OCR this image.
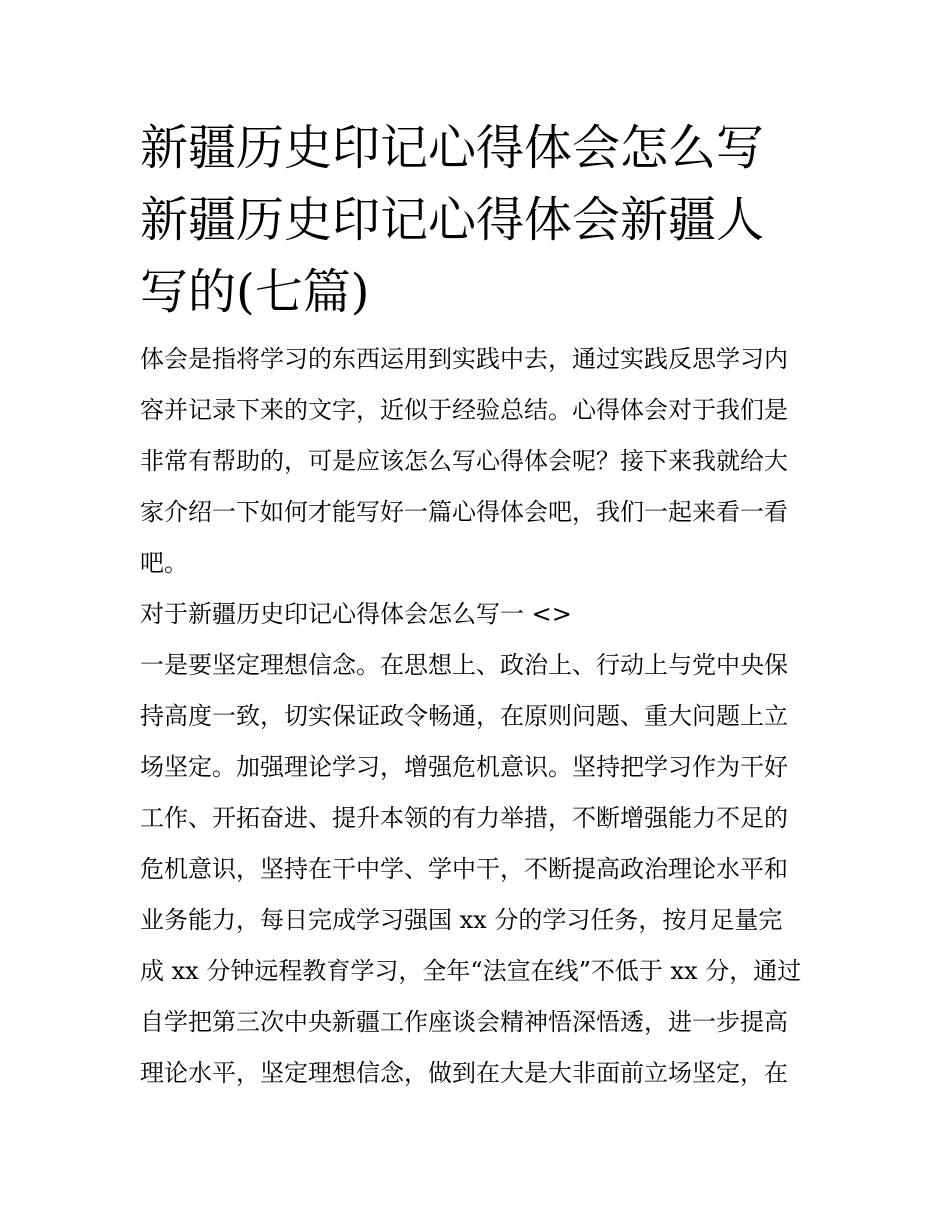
新疆历史印记心得体会怎么写
新疆历史印记心得体会新疆人
写的(七篇)

体会是指将学习的东西运用到实践中去，通过实践反思学习内
容并记录下来的文字，近似于经验总结。心得体会对于我们是
非常有帮助的，可是应该怎么写心得体会呢？接下来我就给大
家介绍一下如何才能写好一篇心得体会吧，我们一起来看一看
吧。

对于新疆历史印记心得体会怎么写一 <>

一是要坚定理想信念。在思想上、政治上、行动上与党中央保
持高度一致，切实保证政令畅通，在原则问题、重大问题上立
场坚定。加强理论学习，增强危机意识。坚持把学习作为干好
工作、开拓奋进、提升本领的有力举措，不断增强能力不足的
危机意识，坚持在干中学、学中干，不断提高政治理论水平和
业务能力，每日完成学习强国 xx 分的学习任务，按月足量完
成 xx 分钟远程教育学习，全年“法宣在线”不低于 xx 分，通过
自学把第三次中央新疆工作座谈会精神悟深悟透，进一步提高
理论水平，坚定理想信念，做到在大是大非面前立场坚定，在
